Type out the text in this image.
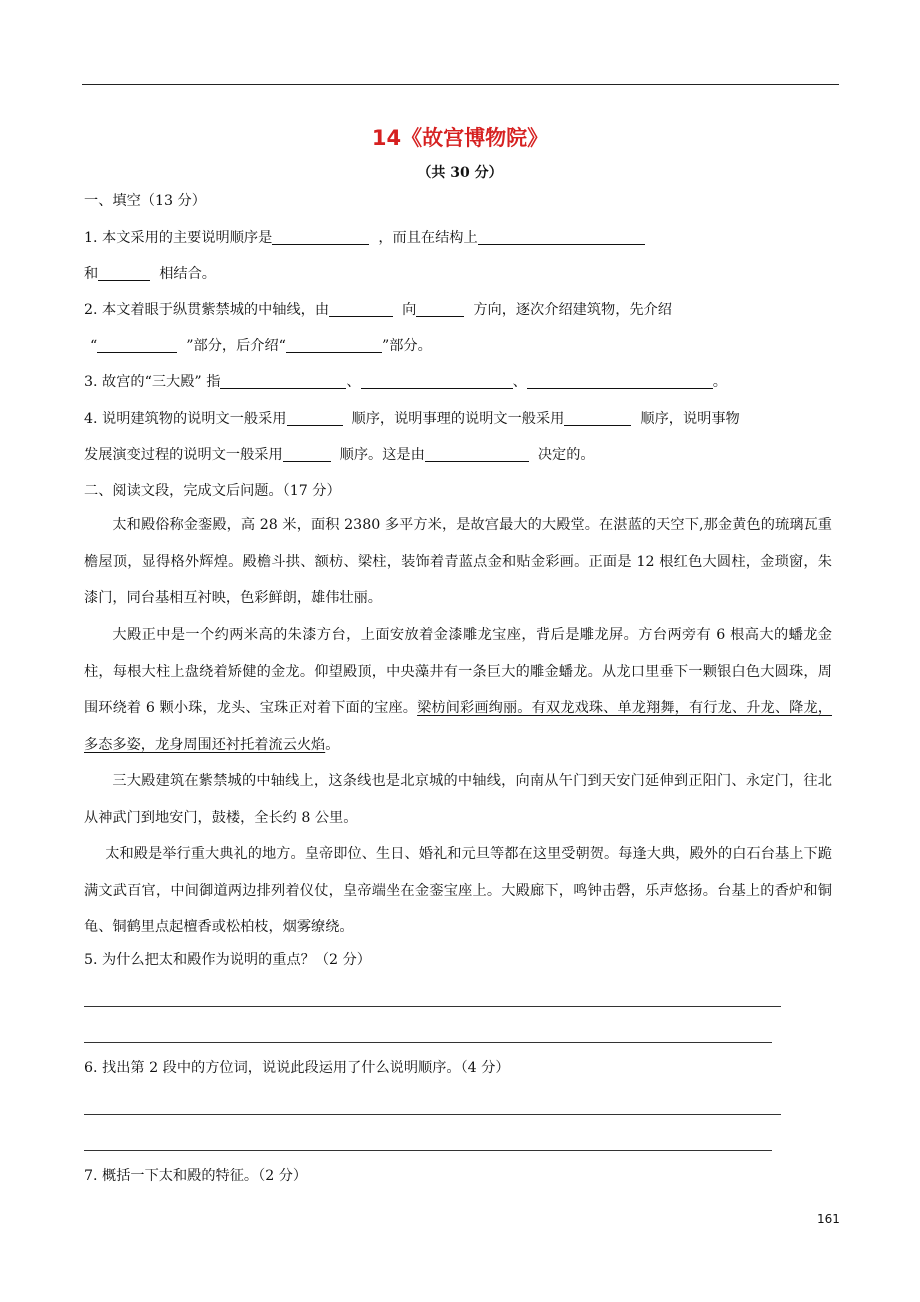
14《故宫博物院》
（共 30 分）
一、填空（13 分）
1. 本文采用的主要说明顺序是	，而且在结构上
和	相结合。
2. 本文着眼于纵贯紫禁城的中轴线，由	向	方向，逐次介绍建筑物，先介绍
“	”部分，后介绍“	”部分。
3. 故宫的“三大殿” 指	、	、	。
4. 说明建筑物的说明文一般采用	顺序，说明事理的说明文一般采用	顺序，说明事物
发展演变过程的说明文一般采用	顺序。这是由	决定的。
二、阅读文段，完成文后问题。（17 分）
太和殿俗称金銮殿，高 28 米，面积 2380 多平方米，是故宫最大的大殿堂。在湛蓝的天空下,那金黄色的琉璃瓦重檐屋顶，显得格外辉煌。殿檐斗拱、额枋、梁柱，装饰着青蓝点金和贴金彩画。正面是 12 根红色大圆柱，金琐窗，朱漆门，同台基相互衬映，色彩鲜朗，雄伟壮丽。
大殿正中是一个约两米高的朱漆方台，上面安放着金漆雕龙宝座，背后是雕龙屏。方台两旁有 6 根高大的蟠龙金柱，每根大柱上盘绕着矫健的金龙。仰望殿顶，中央藻井有一条巨大的雕金蟠龙。从龙口里垂下一颗银白色大圆珠，周围环绕着 6 颗小珠，龙头、宝珠正对着下面的宝座。梁枋间彩画绚丽。有双龙戏珠、单龙翔舞，有行龙、升龙、降龙，多态多姿，龙身周围还衬托着流云火焰。
三大殿建筑在紫禁城的中轴线上，这条线也是北京城的中轴线，向南从午门到天安门延伸到正阳门、永定门，往北从神武门到地安门，鼓楼，全长约 8 公里。
太和殿是举行重大典礼的地方。皇帝即位、生日、婚礼和元旦等都在这里受朝贺。每逢大典，殿外的白石台基上下跪满文武百官，中间御道两边排列着仪仗，皇帝端坐在金銮宝座上。大殿廊下，鸣钟击磬，乐声悠扬。台基上的香炉和铜龟、铜鹤里点起檀香或松柏枝，烟雾缭绕。
5. 为什么把太和殿作为说明的重点？（2 分）
6. 找出第 2 段中的方位词，说说此段运用了什么说明顺序。（4 分）
7. 概括一下太和殿的特征。（2 分）
161
